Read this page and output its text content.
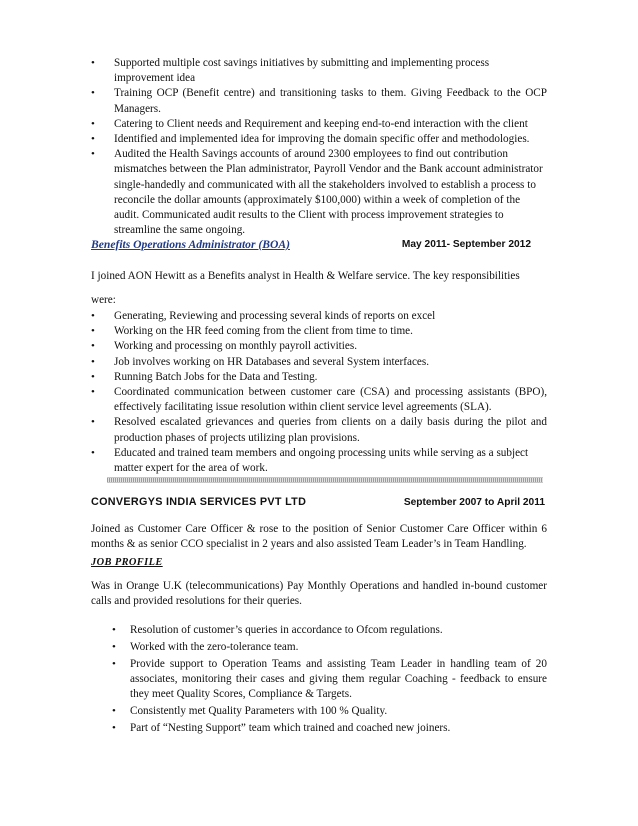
• Supported multiple cost savings initiatives by submitting and implementing process improvement idea
• Training OCP (Benefit centre) and transitioning tasks to them. Giving Feedback to the OCP Managers.
• Catering to Client needs and Requirement and keeping end-to-end interaction with the client
• Identified and implemented idea for improving the domain specific offer and methodologies.
• Audited the Health Savings accounts of around 2300 employees to find out contribution mismatches between the Plan administrator, Payroll Vendor and the Bank account administrator single-handedly and communicated with all the stakeholders involved to establish a process to reconcile the dollar amounts (approximately $100,000) within a week of completion of the audit. Communicated audit results to the Client with process improvement strategies to streamline the same ongoing.
Benefits Operations Administrator (BOA)	May 2011- September 2012
I joined AON Hewitt as a Benefits analyst in Health & Welfare service. The key responsibilities were:
• Generating, Reviewing and processing several kinds of reports on excel
• Working on the HR feed coming from the client from time to time.
• Working and processing on monthly payroll activities.
• Job involves working on HR Databases and several System interfaces.
• Running Batch Jobs for the Data and Testing.
• Coordinated communication between customer care (CSA) and processing assistants (BPO), effectively facilitating issue resolution within client service level agreements (SLA).
• Resolved escalated grievances and queries from clients on a daily basis during the pilot and production phases of projects utilizing plan provisions.
• Educated and trained team members and ongoing processing units while serving as a subject matter expert for the area of work.
CONVERGYS INDIA SERVICES PVT LTD	September 2007 to April 2011
Joined as Customer Care Officer & rose to the position of Senior Customer Care Officer within 6 months & as senior CCO specialist in 2 years and also assisted Team Leader’s in Team Handling.
JOB PROFILE
Was in Orange U.K (telecommunications) Pay Monthly Operations and handled in-bound customer calls and provided resolutions for their queries.
• Resolution of customer’s queries in accordance to Ofcom regulations.
• Worked with the zero-tolerance team.
• Provide support to Operation Teams and assisting Team Leader in handling team of 20 associates, monitoring their cases and giving them regular Coaching - feedback to ensure they meet Quality Scores, Compliance & Targets.
• Consistently met Quality Parameters with 100 % Quality.
• Part of “Nesting Support” team which trained and coached new joiners.
